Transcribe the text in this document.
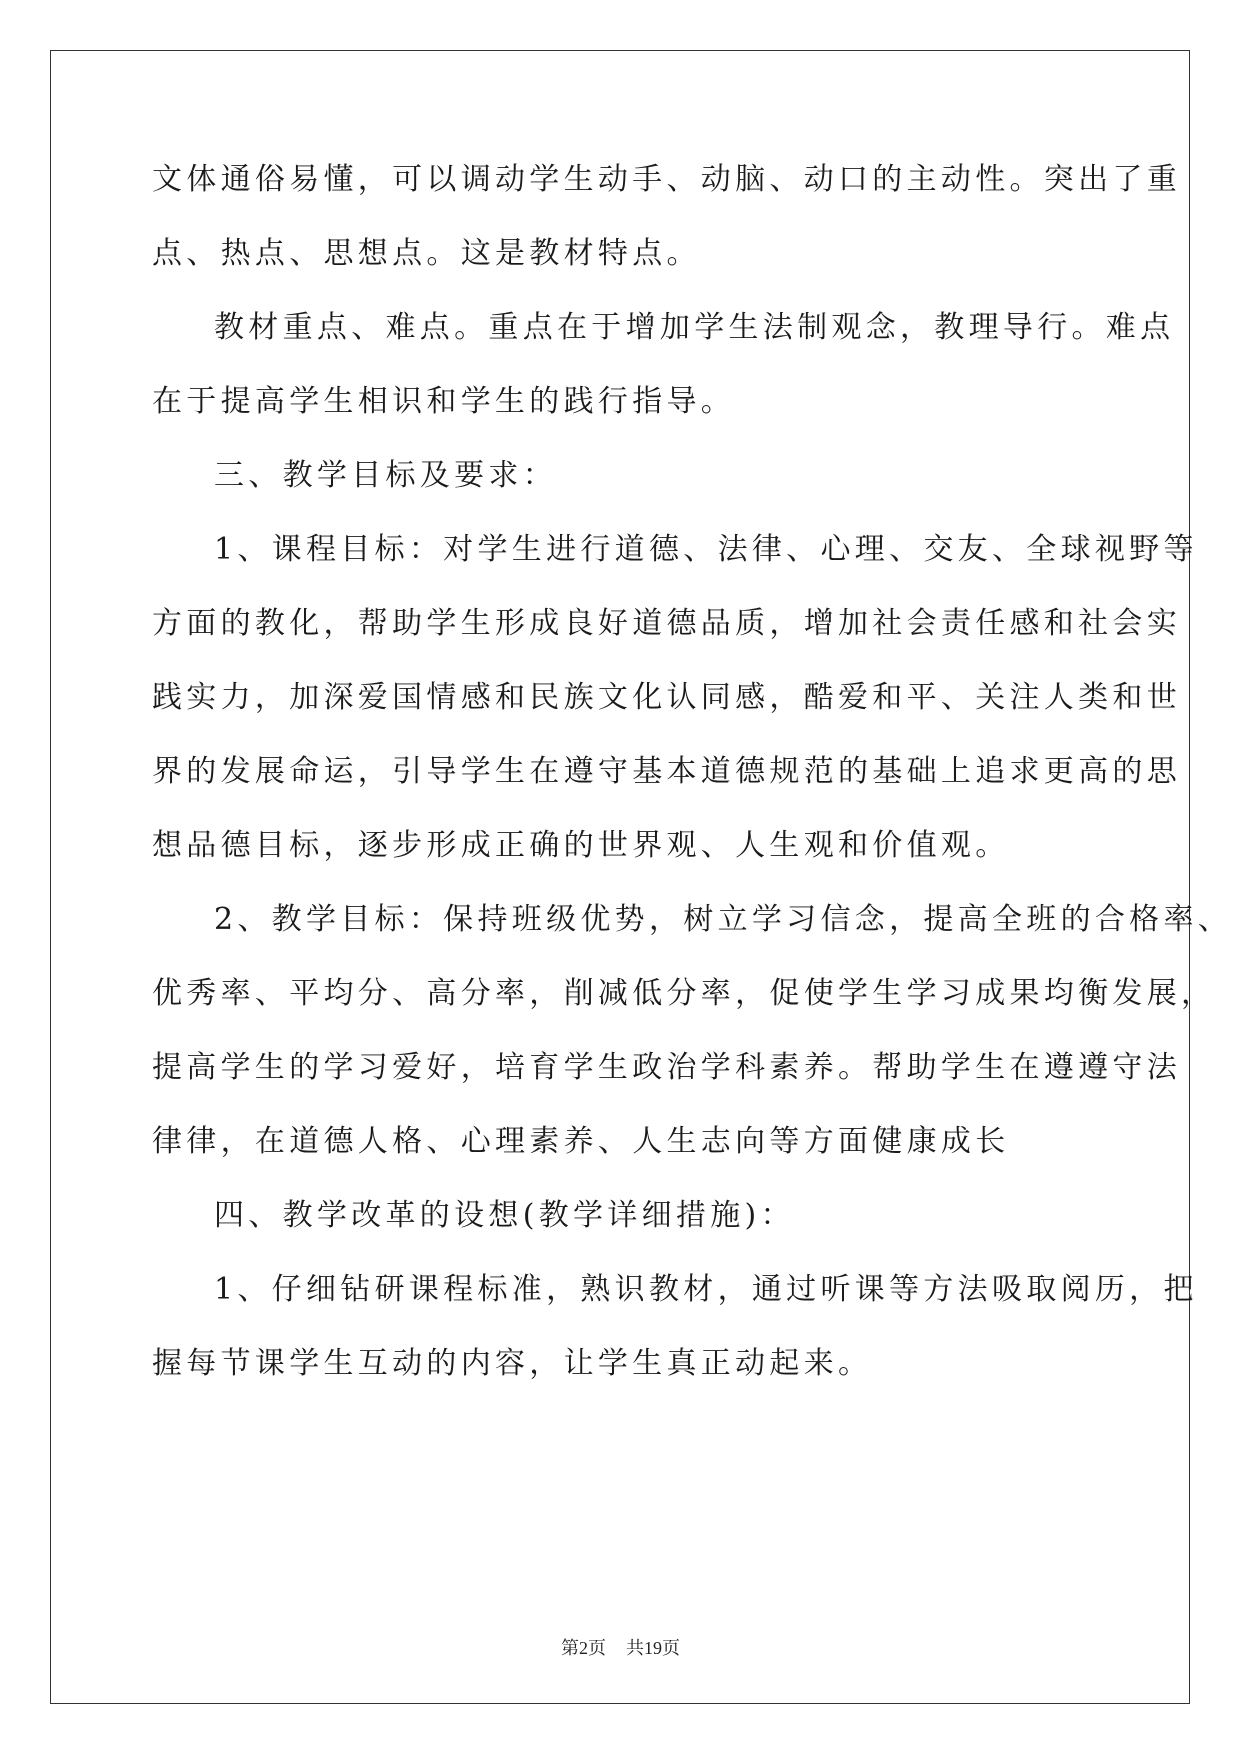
文体通俗易懂，可以调动学生动手、动脑、动口的主动性。突出了重
点、热点、思想点。这是教材特点。
教材重点、难点。重点在于增加学生法制观念，教理导行。难点
在于提高学生相识和学生的践行指导。
三、教学目标及要求：
1、课程目标：对学生进行道德、法律、心理、交友、全球视野等
方面的教化，帮助学生形成良好道德品质，增加社会责任感和社会实
践实力，加深爱国情感和民族文化认同感，酷爱和平、关注人类和世
界的发展命运，引导学生在遵守基本道德规范的基础上追求更高的思
想品德目标，逐步形成正确的世界观、人生观和价值观。
2、教学目标：保持班级优势，树立学习信念，提高全班的合格率、
优秀率、平均分、高分率，削减低分率，促使学生学习成果均衡发展，
提高学生的学习爱好，培育学生政治学科素养。帮助学生在遵遵守法
律律，在道德人格、心理素养、人生志向等方面健康成长
四、教学改革的设想(教学详细措施)：
1、仔细钻研课程标准，熟识教材，通过听课等方法吸取阅历，把
握每节课学生互动的内容，让学生真正动起来。
第2页 共19页
